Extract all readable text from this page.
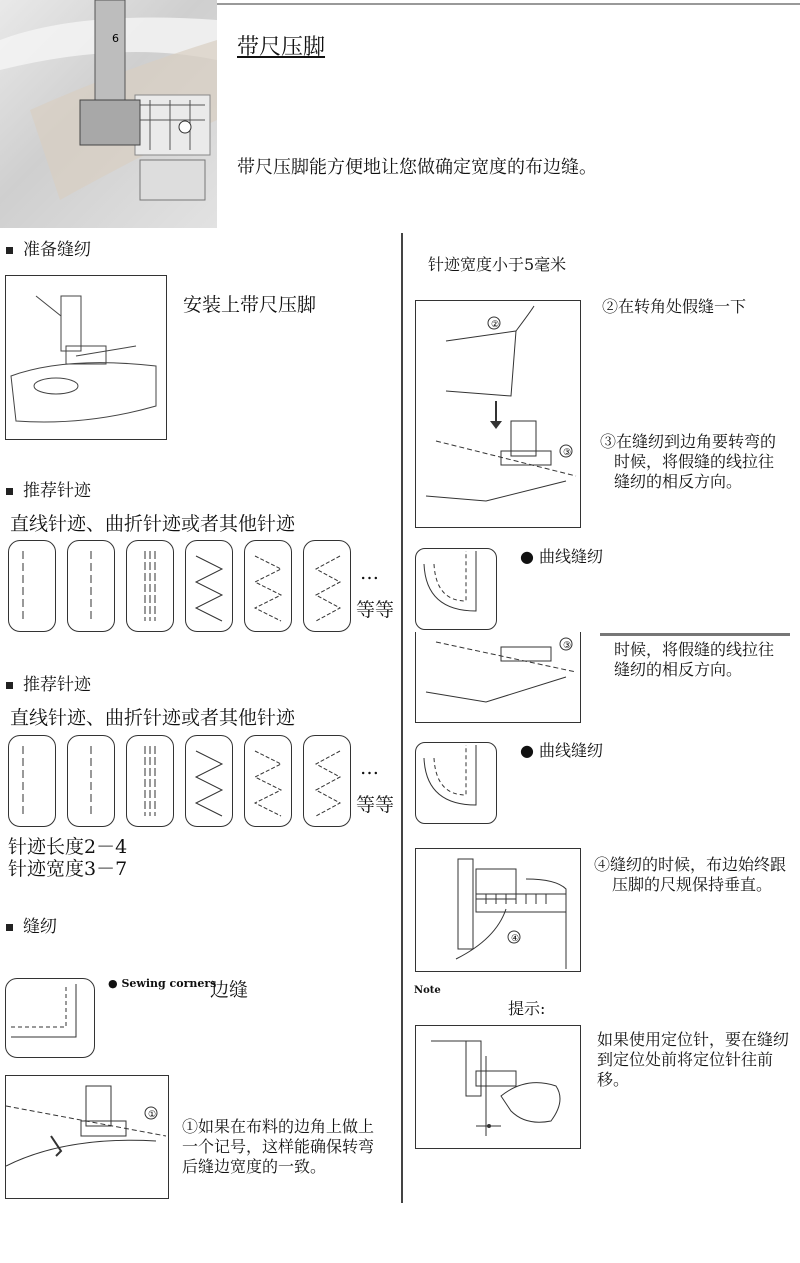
6	带尺压脚
带尺压脚能方便地让您做确定宽度的布边缝。
准备缝纫
安装上带尺压脚
推荐针迹
直线针迹、曲折针迹或者其他针迹
…
等等
推荐针迹
直线针迹、曲折针迹或者其他针迹
…
等等
针迹长度2－4
针迹宽度3－7
缝纫
● Sewing corners
边缝
①
①如果在布料的边角上做上
一个记号，这样能确保转弯
后缝边宽度的一致。
针迹宽度小于5毫米
②
③
②在转角处假缝一下
③在缝纫到边角要转弯的
时候，将假缝的线拉往
缝纫的相反方向。
● 曲线缝纫
③	时候，将假缝的线拉往
缝纫的相反方向。
● 曲线缝纫
④
④缝纫的时候，布边始终跟
压脚的尺规保持垂直。
Note
提示:
如果使用定位针，要在缝纫
到定位处前将定位针往前移。
